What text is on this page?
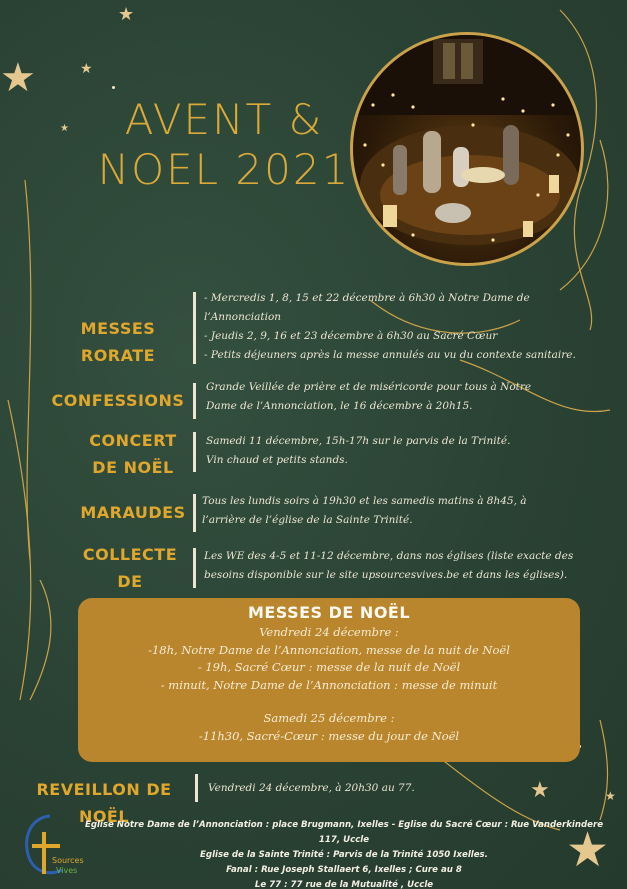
★
★	★
★
★	★
★
AVENT &
NOEL 2021
MESSES RORATE
- Mercredis 1, 8, 15 et 22 décembre à 6h30 à Notre Dame de
l’Annonciation
- Jeudis 2, 9, 16 et 23 décembre à 6h30 au Sacré Cœur
- Petits déjeuners après la messe annulés au vu du contexte sanitaire.
CONFESSIONS
Grande Veillée de prière et de miséricorde pour tous à Notre
Dame de l’Annonciation, le 16 décembre à 20h15.
CONCERT
DE NOËL
Samedi 11 décembre, 15h-17h sur le parvis de la Trinité.
Vin chaud et petits stands.
MARAUDES
Tous les lundis soirs à 19h30 et les samedis matins à 8h45, à
l’arrière de l’église de la Sainte Trinité.
COLLECTE DE
Les WE des 4-5 et 11-12 décembre, dans nos églises (liste exacte des
besoins disponible sur le site upsourcesvives.be et dans les églises).
MESSES DE NOËL
Vendredi 24 décembre :
-18h, Notre Dame de l’Annonciation, messe de la nuit de Noël
- 19h, Sacré Cœur : messe de la nuit de Noël
- minuit, Notre Dame de l’Annonciation : messe de minuit
Samedi 25 décembre :
-11h30, Sacré-Cœur : messe du jour de Noël
REVEILLON DE NOËL
Vendredi 24 décembre, à 20h30 au 77.
Sources
Vives
Eglise Notre Dame de l’Annonciation : place Brugmann, Ixelles - Eglise du Sacré Cœur : Rue Vanderkindere 117, Uccle
Eglise de la Sainte Trinité : Parvis de la Trinité 1050 Ixelles.
Fanal : Rue Joseph Stallaert 6, Ixelles ; Cure au 8
Le 77 : 77 rue de la Mutualité , Uccle
